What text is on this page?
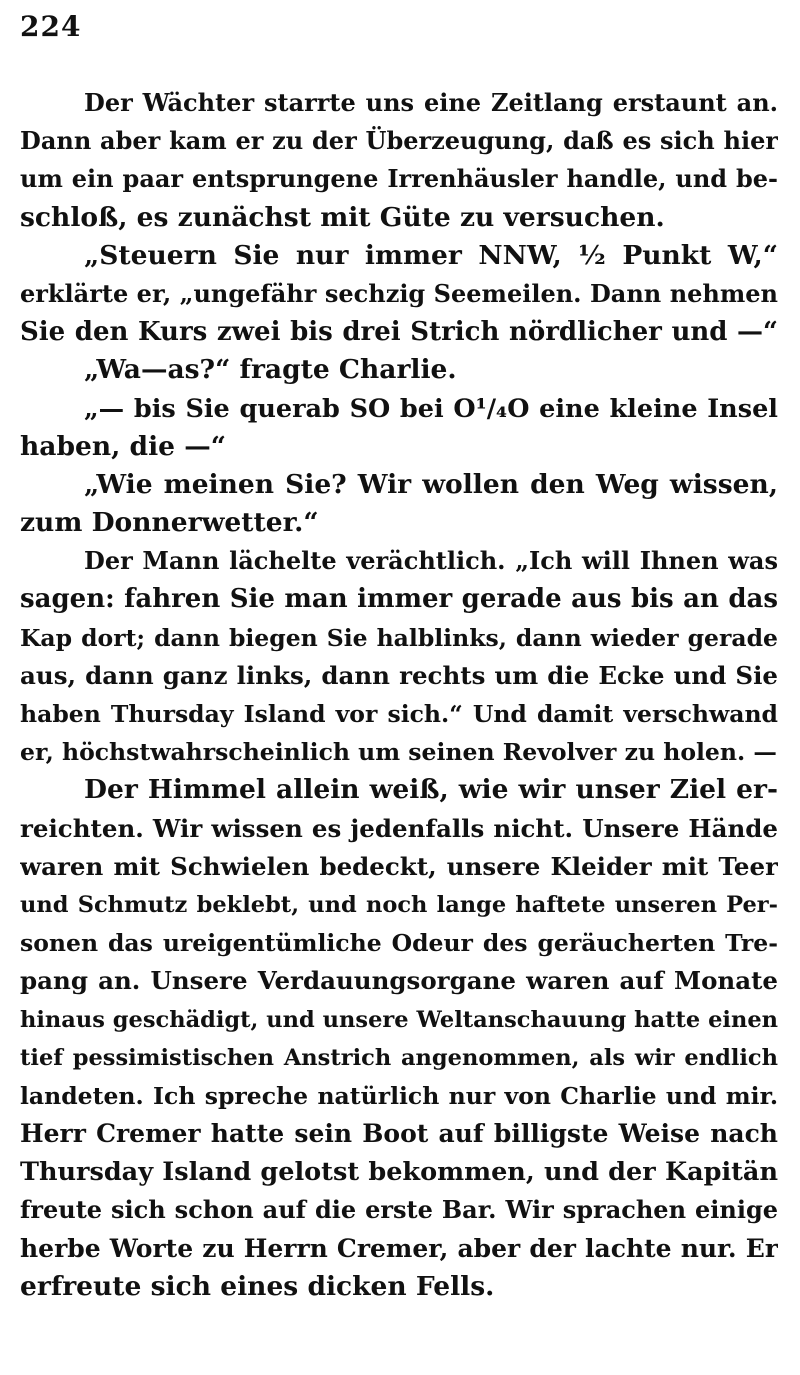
224
Der Wächter starrte uns eine Zeitlang erstaunt an.
Dann aber kam er zu der Überzeugung, daß es sich hier
um ein paar entsprungene Irrenhäusler handle, und be-
schloß, es zunächst mit Güte zu versuchen.
„Steuern Sie nur immer NNW, ½ Punkt W,“
erklärte er, „ungefähr sechzig Seemeilen. Dann nehmen
Sie den Kurs zwei bis drei Strich nördlicher und —“
„Wa—as?“ fragte Charlie.
„— bis Sie querab SO bei O¹/₄O eine kleine Insel
haben, die —“
„Wie meinen Sie? Wir wollen den Weg wissen,
zum Donnerwetter.“
Der Mann lächelte verächtlich. „Ich will Ihnen was
sagen: fahren Sie man immer gerade aus bis an das
Kap dort; dann biegen Sie halblinks, dann wieder gerade
aus, dann ganz links, dann rechts um die Ecke und Sie
haben Thursday Island vor sich.“ Und damit verschwand
er, höchstwahrscheinlich um seinen Revolver zu holen. —
Der Himmel allein weiß, wie wir unser Ziel er-
reichten. Wir wissen es jedenfalls nicht. Unsere Hände
waren mit Schwielen bedeckt, unsere Kleider mit Teer
und Schmutz beklebt, und noch lange haftete unseren Per-
sonen das ureigentümliche Odeur des geräucherten Tre-
pang an. Unsere Verdauungsorgane waren auf Monate
hinaus geschädigt, und unsere Weltanschauung hatte einen
tief pessimistischen Anstrich angenommen, als wir endlich
landeten. Ich spreche natürlich nur von Charlie und mir.
Herr Cremer hatte sein Boot auf billigste Weise nach
Thursday Island gelotst bekommen, und der Kapitän
freute sich schon auf die erste Bar. Wir sprachen einige
herbe Worte zu Herrn Cremer, aber der lachte nur. Er
erfreute sich eines dicken Fells.
